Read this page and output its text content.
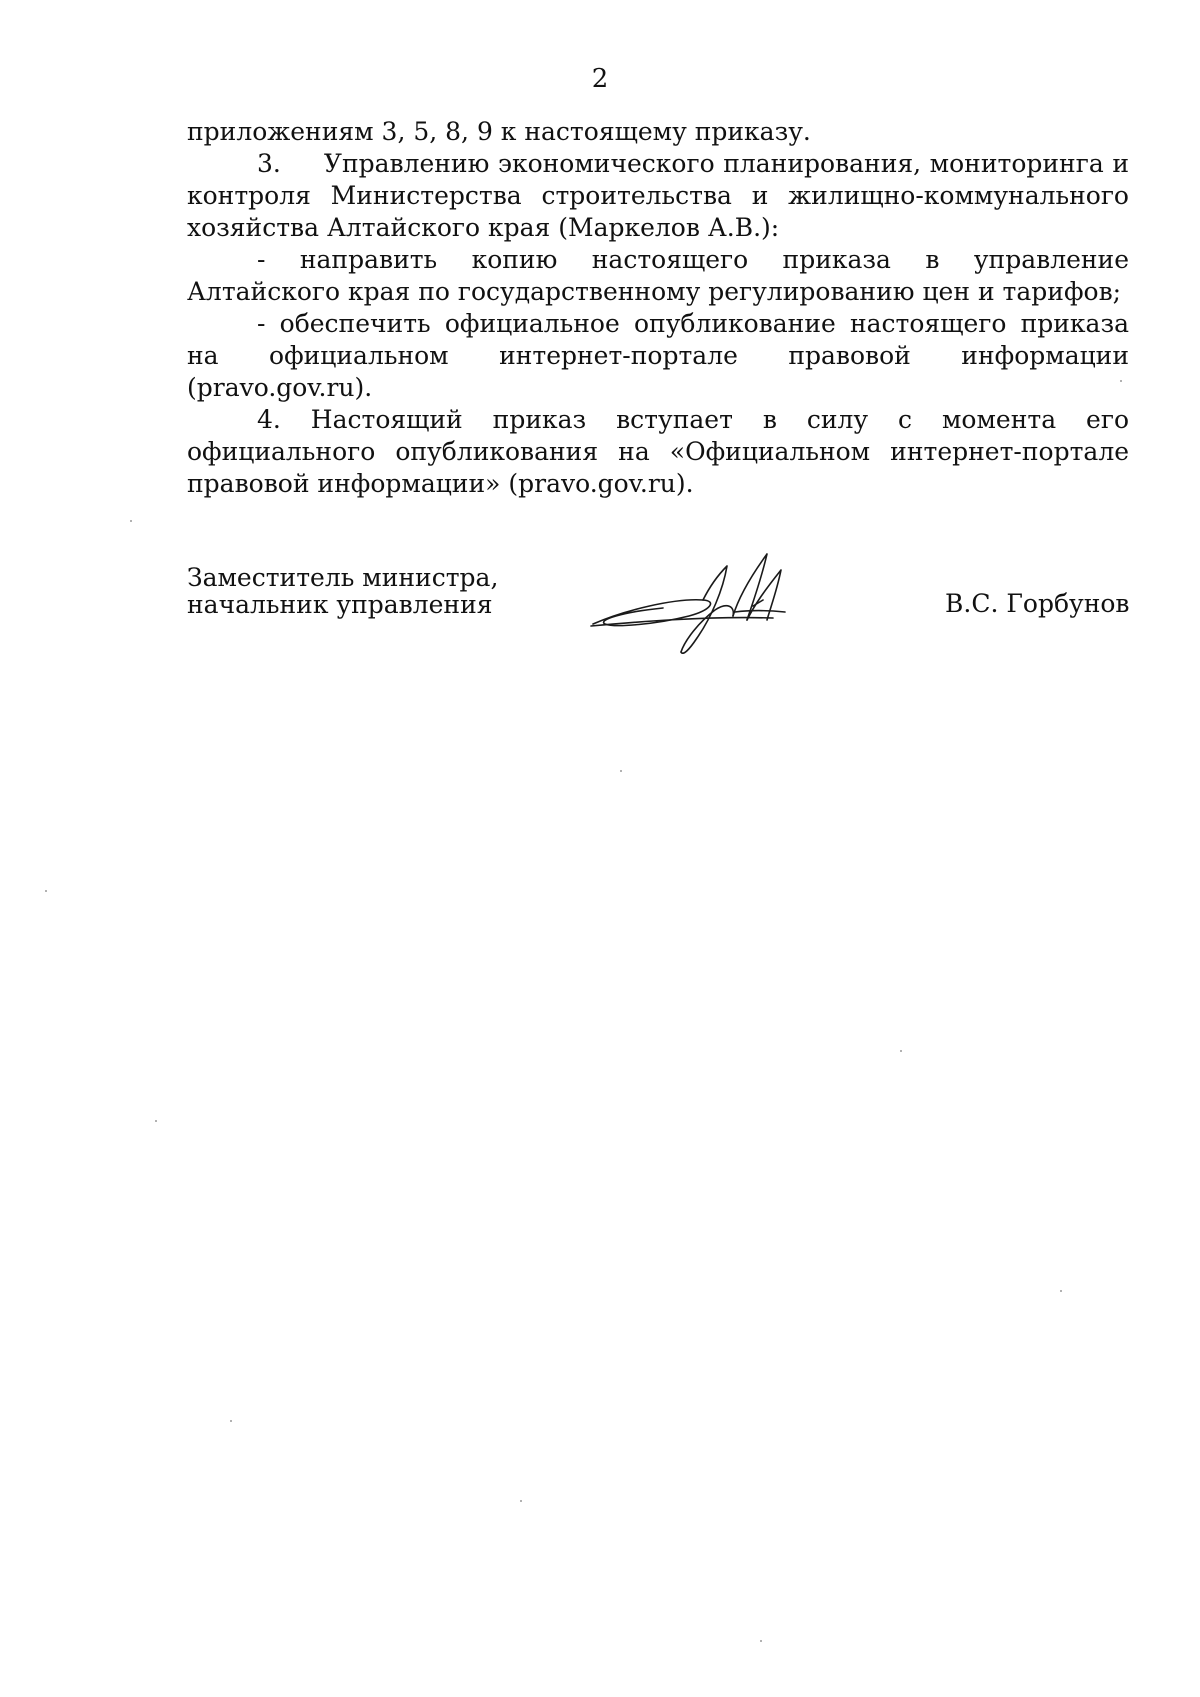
2

приложениям 3, 5, 8, 9 к настоящему приказу.

3.     Управлению экономического планирования, мониторинга и контроля Министерства строительства и жилищно-коммунального хозяйства Алтайского края (Маркелов А.В.):

- направить копию настоящего приказа в управление Алтайского края по государственному регулированию цен и тарифов;

- обеспечить официальное опубликование настоящего приказа на официальном интернет-портале правовой информации (pravo.gov.ru).

4. Настоящий приказ вступает в силу с момента его официального опубликования на «Официальном интернет-портале правовой информации» (pravo.gov.ru).

Заместитель министра,
начальник управления	В.С. Горбунов
